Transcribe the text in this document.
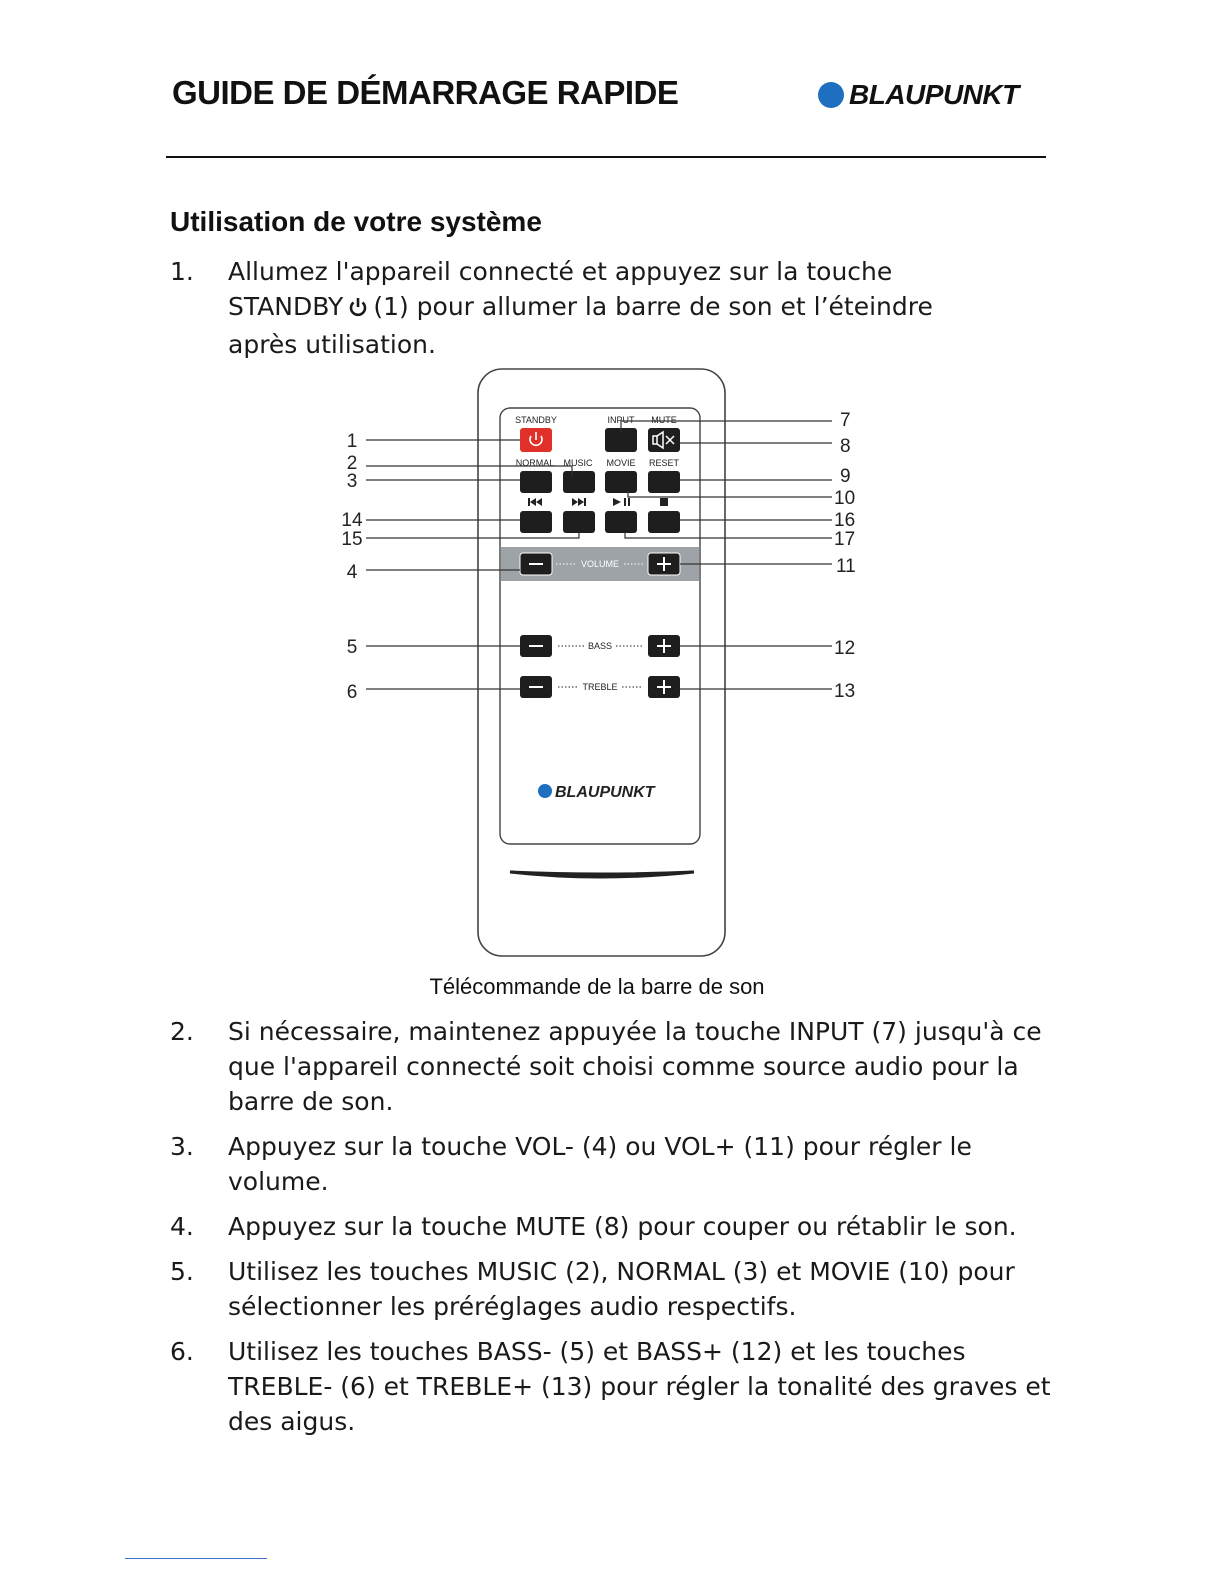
GUIDE DE DÉMARRAGE RAPIDE	BLAUPUNKT
Utilisation de votre système
1. Allumez l'appareil connecté et appuyez sur la touche
STANDBY (1) pour allumer la barre de son et l’éteindre
après utilisation.
STANDBY	INPUT MUTE
NORMAL MUSIC MOVIE RESET
VOLUME
BASS
TREBLE
BLAUPUNKT
1
2
3
14
15
4
5
6
7
8
9
10
16
17
11
12
13
Télécommande de la barre de son
2. Si nécessaire, maintenez appuyée la touche INPUT (7) jusqu'à ce que l'appareil connecté soit choisi comme source audio pour la barre de son.
3. Appuyez sur la touche VOL- (4) ou VOL+ (11) pour régler le volume.
4. Appuyez sur la touche MUTE (8) pour couper ou rétablir le son.
5. Utilisez les touches MUSIC (2), NORMAL (3) et MOVIE (10) pour sélectionner les préréglages audio respectifs.
6. Utilisez les touches BASS- (5) et BASS+ (12) et les touches TREBLE- (6) et TREBLE+ (13) pour régler la tonalité des graves et des aigus.
